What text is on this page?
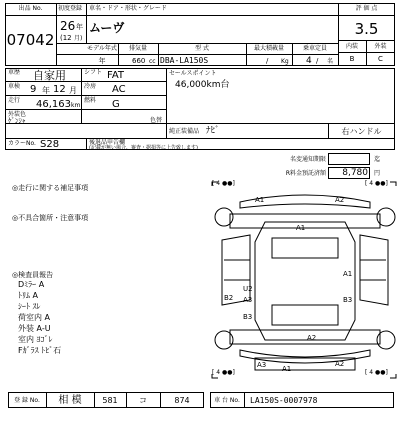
出品 No.
07042
初度登録
26 年
(12 月)
車名・ドア・形状・グレード
ムーヴ
モデル年式
年
排気量
660 cc
型 式
DBA-LA150S
最大積載量
/ Kg
乗車定員
4 / 名
評 価 点
3.5
内装	外装
B	C
車歴 自家用	シフト FAT
車検 9 年 12 月 冷房 AC
走行 46,163 km
燃料 G
セールスポイント
46,000km台
外装色
ｹﾞﾝｼｬ	色替
純正装備品 ﾅﾋﾞ	右ハンドル
カラーNo. S28	後退品申告欄
(記載が無い場合、審査・据損等に上告致します)
名変通知期限	迄
R料金預託済額	8,780 円
◎走行に関する補足事項
◎不具合箇所・注意事項
◎検査員報告
Dﾐﾗｰ A
ﾄﾘﾑ A
ｼｰﾄ ｽﾚ
荷室内 A
外装 A-U
室内 ﾖｺﾞﾚ
Fｶﾞﾗｽ ﾄﾋﾞ石
[ 4 ●●]	[ 4 ●●]
[ 4 ●●]	[ 4 ●●]
A1	A2
A1
A1
U2
A3
B2
B3
B3
A2
A2
A3 A1
登 録 No.	相 模	581	コ	874	車 台 No.	LA150S-0007978
